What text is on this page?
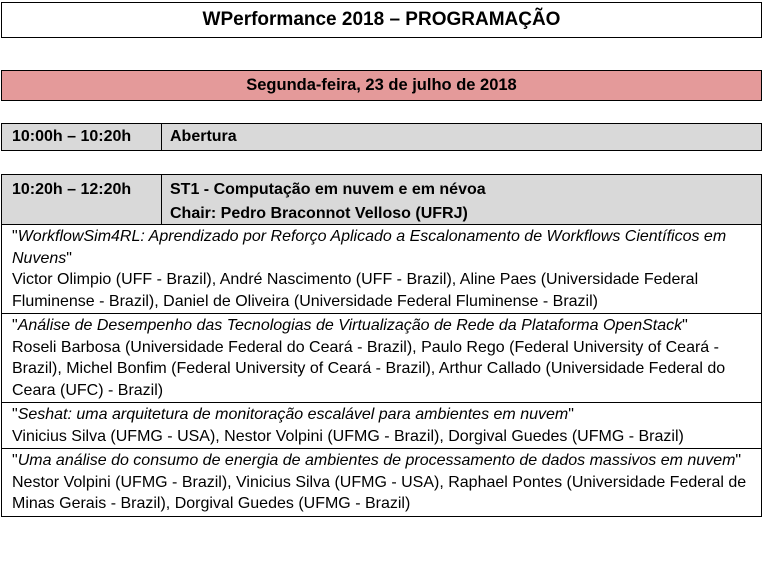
WPerformance 2018 – PROGRAMAÇÃO
Segunda-feira, 23 de julho de 2018
10:00h – 10:20h	Abertura
10:20h – 12:20h	ST1 - Computação em nuvem e em névoa
Chair: Pedro Braconnot Velloso (UFRJ)
"WorkflowSim4RL: Aprendizado por Reforço Aplicado a Escalonamento de Workflows Científicos em Nuvens"
Victor Olimpio (UFF - Brazil), André Nascimento (UFF - Brazil), Aline Paes (Universidade Federal Fluminense - Brazil), Daniel de Oliveira (Universidade Federal Fluminense - Brazil)
"Análise de Desempenho das Tecnologias de Virtualização de Rede da Plataforma OpenStack"
Roseli Barbosa (Universidade Federal do Ceará - Brazil), Paulo Rego (Federal University of Ceará - Brazil), Michel Bonfim (Federal University of Ceará - Brazil), Arthur Callado (Universidade Federal do Ceara (UFC) - Brazil)
"Seshat: uma arquitetura de monitoração escalável para ambientes em nuvem"
Vinicius Silva (UFMG - USA), Nestor Volpini (UFMG - Brazil), Dorgival Guedes (UFMG - Brazil)
"Uma análise do consumo de energia de ambientes de processamento de dados massivos em nuvem"
Nestor Volpini (UFMG - Brazil), Vinicius Silva (UFMG - USA), Raphael Pontes (Universidade Federal de Minas Gerais - Brazil), Dorgival Guedes (UFMG - Brazil)
